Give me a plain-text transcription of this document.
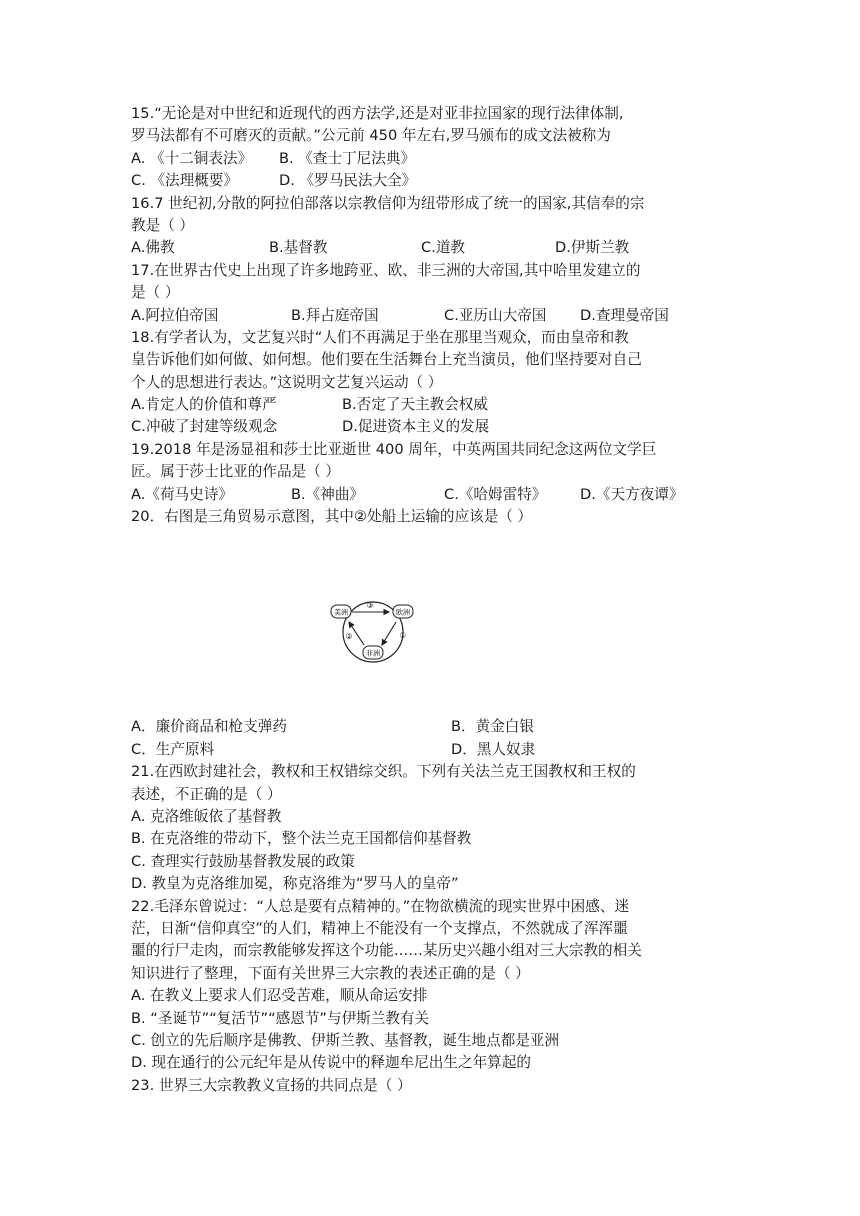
15.“无论是对中世纪和近现代的西方法学,还是对亚非拉国家的现行法律体制,
罗马法都有不可磨灭的贡献。”公元前 450 年左右,罗马颁布的成文法被称为
A. 《十二铜表法》	B. 《查士丁尼法典》
C. 《法理概要》	D. 《罗马民法大全》
16.7 世纪初,分散的阿拉伯部落以宗教信仰为纽带形成了统一的国家,其信奉的宗
教是（ ）
A.佛教	B.基督教	C.道教	D.伊斯兰教
17.在世界古代史上出现了许多地跨亚、欧、非三洲的大帝国,其中哈里发建立的
是（ ）
A.阿拉伯帝国	B.拜占庭帝国	C.亚历山大帝国	D.查理曼帝国
18.有学者认为，文艺复兴时“人们不再满足于坐在那里当观众，而由皇帝和教
皇告诉他们如何做、如何想。他们要在生活舞台上充当演员，他们坚持要对自己
个人的思想进行表达。”这说明文艺复兴运动（ ）
A.肯定人的价值和尊严	B.否定了天主教会权威
C.冲破了封建等级观念	D.促进资本主义的发展
19.2018 年是汤显祖和莎士比亚逝世 400 周年，中英两国共同纪念这两位文学巨
匠。属于莎士比亚的作品是（ ）
A.《荷马史诗》	B.《神曲》	C.《哈姆雷特》	D.《天方夜谭》
20．右图是三角贸易示意图，其中②处船上运输的应该是（ ）
美洲	欧洲
非洲
③
①
②
A．廉价商品和枪支弹药	B．黄金白银
C．生产原料	D．黑人奴隶
21.在西欧封建社会，教权和王权错综交织。下列有关法兰克王国教权和王权的
表述，不正确的是（ ）
A. 克洛维皈依了基督教
B. 在克洛维的带动下，整个法兰克王国都信仰基督教
C. 查理实行鼓励基督教发展的政策
D. 教皇为克洛维加冕，称克洛维为“罗马人的皇帝”
22.毛泽东曾说过：“人总是要有点精神的。”在物欲横流的现实世界中困感、迷
茫，日渐“信仰真空”的人们，精神上不能没有一个支撑点，不然就成了浑浑噩
噩的行尸走肉，而宗教能够发挥这个功能……某历史兴趣小组对三大宗教的相关
知识进行了整理，下面有关世界三大宗教的表述正确的是（ ）
A. 在教义上要求人们忍受苦难，顺从命运安排
B. “圣诞节”“复活节”“感恩节”与伊斯兰教有关
C. 创立的先后顺序是佛教、伊斯兰教、基督教，诞生地点都是亚洲
D. 现在通行的公元纪年是从传说中的释迦牟尼出生之年算起的
23. 世界三大宗教教义宣扬的共同点是（ ）
